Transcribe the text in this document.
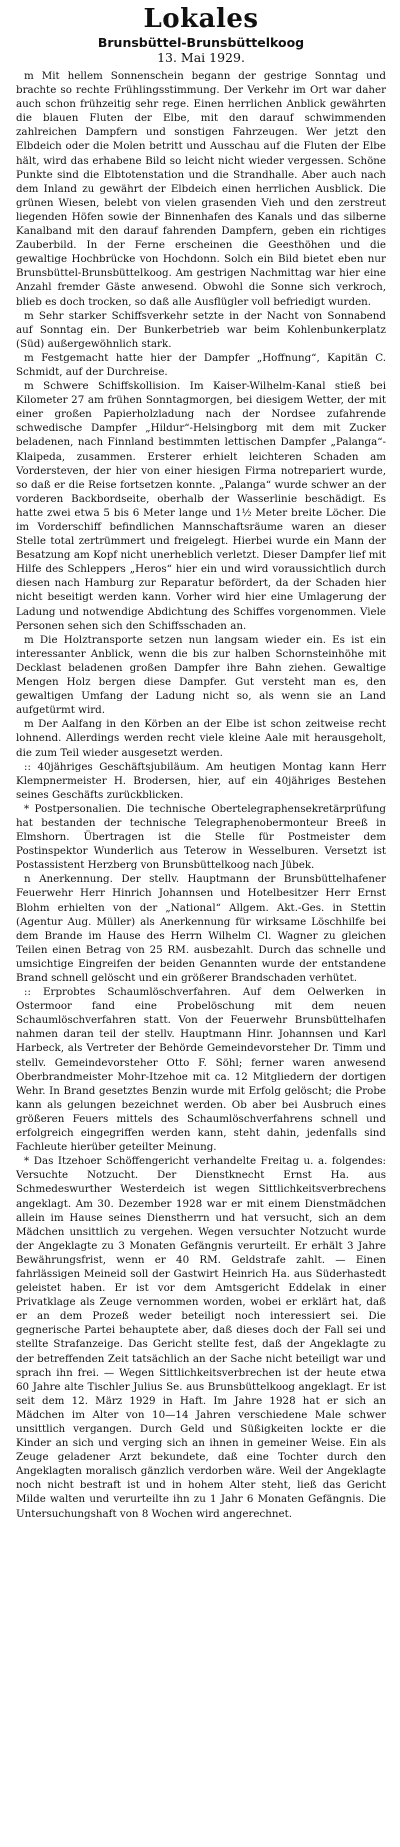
Lokales
Brunsbüttel-Brunsbüttelkoog
13. Mai 1929.

m Mit hellem Sonnenschein begann der gestrige Sonntag und brachte so rechte Frühlingsstimmung. Der Verkehr im Ort war daher auch schon frühzeitig sehr rege. Einen herrlichen Anblick gewährten die blauen Fluten der Elbe, mit den darauf schwimmenden zahlreichen Dampfern und sonstigen Fahrzeugen. Wer jetzt den Elbdeich oder die Molen betritt und Ausschau auf die Fluten der Elbe hält, wird das erhabene Bild so leicht nicht wieder vergessen. Schöne Punkte sind die Elbtotenstation und die Strandhalle. Aber auch nach dem Inland zu gewährt der Elbdeich einen herrlichen Ausblick. Die grünen Wiesen, belebt von vielen grasenden Vieh und den zerstreut liegenden Höfen sowie der Binnenhafen des Kanals und das silberne Kanalband mit den darauf fahrenden Dampfern, geben ein richtiges Zauberbild. In der Ferne erscheinen die Geesthöhen und die gewaltige Hochbrücke von Hochdonn. Solch ein Bild bietet eben nur Brunsbüttel-Brunsbüttelkoog. Am gestrigen Nachmittag war hier eine Anzahl fremder Gäste anwesend. Obwohl die Sonne sich verkroch, blieb es doch trocken, so daß alle Ausflügler voll befriedigt wurden.

m Sehr starker Schiffsverkehr setzte in der Nacht von Sonnabend auf Sonntag ein. Der Bunkerbetrieb war beim Kohlenbunkerplatz (Süd) außergewöhnlich stark.

m Festgemacht hatte hier der Dampfer „Hoffnung“, Kapitän C. Schmidt, auf der Durchreise.

m Schwere Schiffskollision. Im Kaiser-Wilhelm-Kanal stieß bei Kilometer 27 am frühen Sonntagmorgen, bei diesigem Wetter, der mit einer großen Papierholzladung nach der Nordsee zufahrende schwedische Dampfer „Hildur“-Helsingborg mit dem mit Zucker beladenen, nach Finnland bestimmten lettischen Dampfer „Palanga“-Klaipeda, zusammen. Ersterer erhielt leichteren Schaden am Vordersteven, der hier von einer hiesigen Firma notrepariert wurde, so daß er die Reise fortsetzen konnte. „Palanga“ wurde schwer an der vorderen Backbordseite, oberhalb der Wasserlinie beschädigt. Es hatte zwei etwa 5 bis 6 Meter lange und 1½ Meter breite Löcher. Die im Vorderschiff befindlichen Mannschaftsräume waren an dieser Stelle total zertrümmert und freigelegt. Hierbei wurde ein Mann der Besatzung am Kopf nicht unerheblich verletzt. Dieser Dampfer lief mit Hilfe des Schleppers „Heros“ hier ein und wird voraussichtlich durch diesen nach Hamburg zur Reparatur befördert, da der Schaden hier nicht beseitigt werden kann. Vorher wird hier eine Umlagerung der Ladung und notwendige Abdichtung des Schiffes vorgenommen. Viele Personen sehen sich den Schiffsschaden an.

m Die Holztransporte setzen nun langsam wieder ein. Es ist ein interessanter Anblick, wenn die bis zur halben Schornsteinhöhe mit Decklast beladenen großen Dampfer ihre Bahn ziehen. Gewaltige Mengen Holz bergen diese Dampfer. Gut versteht man es, den gewaltigen Umfang der Ladung nicht so, als wenn sie an Land aufgetürmt wird.

m Der Aalfang in den Körben an der Elbe ist schon zeitweise recht lohnend. Allerdings werden recht viele kleine Aale mit herausgeholt, die zum Teil wieder ausgesetzt werden.

:: 40jähriges Geschäftsjubiläum. Am heutigen Montag kann Herr Klempnermeister H. Brodersen, hier, auf ein 40jähriges Bestehen seines Geschäfts zurückblicken.

* Postpersonalien. Die technische Obertelegraphensekretärprüfung hat bestanden der technische Telegraphenobermonteur Breeß in Elmshorn. Übertragen ist die Stelle für Postmeister dem Postinspektor Wunderlich aus Teterow in Wesselburen. Versetzt ist Postassistent Herzberg von Brunsbüttelkoog nach Jübek.

n Anerkennung. Der stellv. Hauptmann der Brunsbüttelhafener Feuerwehr Herr Hinrich Johannsen und Hotelbesitzer Herr Ernst Blohm erhielten von der „National“ Allgem. Akt.-Ges. in Stettin (Agentur Aug. Müller) als Anerkennung für wirksame Löschhilfe bei dem Brande im Hause des Herrn Wilhelm Cl. Wagner zu gleichen Teilen einen Betrag von 25 RM. ausbezahlt. Durch das schnelle und umsichtige Eingreifen der beiden Genannten wurde der entstandene Brand schnell gelöscht und ein größerer Brandschaden verhütet.

:: Erprobtes Schaumlöschverfahren. Auf dem Oelwerken in Ostermoor fand eine Probelöschung mit dem neuen Schaumlöschverfahren statt. Von der Feuerwehr Brunsbüttelhafen nahmen daran teil der stellv. Hauptmann Hinr. Johannsen und Karl Harbeck, als Vertreter der Behörde Gemeindevorsteher Dr. Timm und stellv. Gemeindevorsteher Otto F. Söhl; ferner waren anwesend Oberbrandmeister Mohr-Itzehoe mit ca. 12 Mitgliedern der dortigen Wehr. In Brand gesetztes Benzin wurde mit Erfolg gelöscht; die Probe kann als gelungen bezeichnet werden. Ob aber bei Ausbruch eines größeren Feuers mittels des Schaumlöschverfahrens schnell und erfolgreich eingegriffen werden kann, steht dahin, jedenfalls sind Fachleute hierüber geteilter Meinung.

* Das Itzehoer Schöffengericht verhandelte Freitag u. a. folgendes: Versuchte Notzucht. Der Dienstknecht Ernst Ha. aus Schmedeswurther Westerdeich ist wegen Sittlichkeitsverbrechens angeklagt. Am 30. Dezember 1928 war er mit einem Dienstmädchen allein im Hause seines Dienstherrn und hat versucht, sich an dem Mädchen unsittlich zu vergehen. Wegen versuchter Notzucht wurde der Angeklagte zu 3 Monaten Gefängnis verurteilt. Er erhält 3 Jahre Bewährungsfrist, wenn er 40 RM. Geldstrafe zahlt. — Einen fahrlässigen Meineid soll der Gastwirt Heinrich Ha. aus Süderhastedt geleistet haben. Er ist vor dem Amtsgericht Eddelak in einer Privatklage als Zeuge vernommen worden, wobei er erklärt hat, daß er an dem Prozeß weder beteiligt noch interessiert sei. Die gegnerische Partei behauptete aber, daß dieses doch der Fall sei und stellte Strafanzeige. Das Gericht stellte fest, daß der Angeklagte zu der betreffenden Zeit tatsächlich an der Sache nicht beteiligt war und sprach ihn frei. — Wegen Sittlichkeitsverbrechen ist der heute etwa 60 Jahre alte Tischler Julius Se. aus Brunsbüttelkoog angeklagt. Er ist seit dem 12. März 1929 in Haft. Im Jahre 1928 hat er sich an Mädchen im Alter von 10—14 Jahren verschiedene Male schwer unsittlich vergangen. Durch Geld und Süßigkeiten lockte er die Kinder an sich und verging sich an ihnen in gemeiner Weise. Ein als Zeuge geladener Arzt bekundete, daß eine Tochter durch den Angeklagten moralisch gänzlich verdorben wäre. Weil der Angeklagte noch nicht bestraft ist und in hohem Alter steht, ließ das Gericht Milde walten und verurteilte ihn zu 1 Jahr 6 Monaten Gefängnis. Die Untersuchungshaft von 8 Wochen wird angerechnet.
